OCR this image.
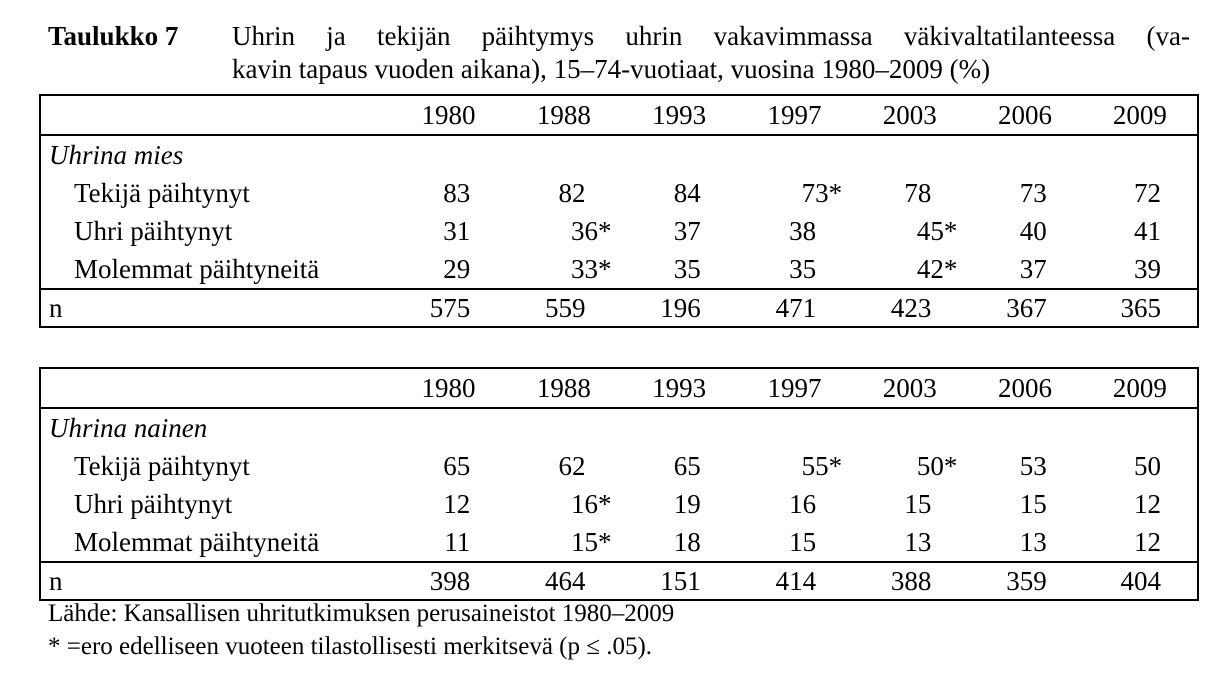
Taulukko 7 Uhrin ja tekijän päihtymys uhrin vakavimmassa väkivaltatilanteessa (va-
kavin tapaus vuoden aikana), 15–74-vuotiaat, vuosina 1980–2009 (%)
	1980	1988	1993	1997	2003	2006	2009
Uhrina mies							
Tekijä päihtynyt	83	82	84	73*	78	73	72
Uhri päihtynyt	31	36*	37	38	45*	40	41
Molemmat päihtyneitä	29	33*	35	35	42*	37	39
n	575	559	196	471	423	367	365
	1980	1988	1993	1997	2003	2006	2009
Uhrina nainen							
Tekijä päihtynyt	65	62	65	55*	50*	53	50
Uhri päihtynyt	12	16*	19	16	15	15	12
Molemmat päihtyneitä	11	15*	18	15	13	13	12
n	398	464	151	414	388	359	404
Lähde: Kansallisen uhritutkimuksen perusaineistot 1980–2009
* =ero edelliseen vuoteen tilastollisesti merkitsevä (p ≤ .05).
